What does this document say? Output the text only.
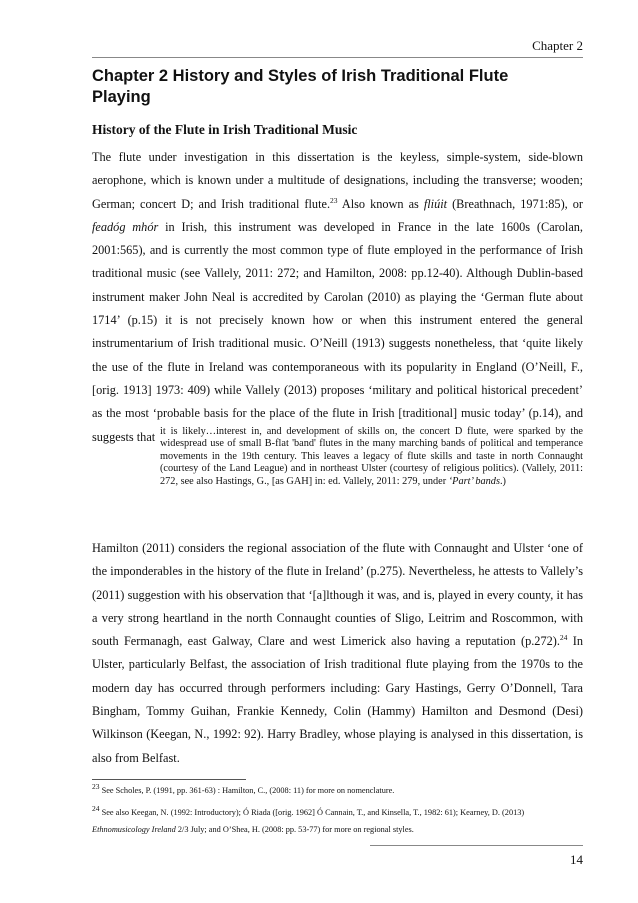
Chapter 2
Chapter 2 History and Styles of Irish Traditional Flute
Playing
History of the Flute in Irish Traditional Music

The flute under investigation in this dissertation is the keyless, simple-system, side-blown aerophone, which is known under a multitude of designations, including the transverse; wooden; German; concert D; and Irish traditional flute.$^{23}$ Also known as fliúit (Breathnach, 1971:85), or feadóg mhór in Irish, this instrument was developed in France in the late 1600s (Carolan, 2001:565), and is currently the most common type of flute employed in the performance of Irish traditional music (see Vallely, 2011: 272; and Hamilton, 2008: pp.12-40). Although Dublin-based instrument maker John Neal is accredited by Carolan (2010) as playing the ‘German flute about 1714’ (p.15) it is not precisely known how or when this instrument entered the general instrumentarium of Irish traditional music. O’Neill (1913) suggests nonetheless, that ‘quite likely the use of the flute in Ireland was contemporaneous with its popularity in England (O’Neill, F., [orig. 1913] 1973: 409) while Vallely (2013) proposes ‘military and political historical precedent’ as the most ‘probable basis for the place of the flute in Irish [traditional] music today’ (p.14), and suggests that it is likely…interest in, and development of skills on, the concert D flute, were sparked by the widespread use of small B-flat 'band' flutes in the many marching bands of political and temperance movements in the 19th century. This leaves a legacy of flute skills and taste in north Connaught (courtesy of the Land League) and in northeast Ulster (courtesy of religious politics). (Vallely, 2011: 272, see also Hastings, G., [as GAH] in: ed. Vallely, 2011: 279, under ‘Part’ bands.)

Hamilton (2011) considers the regional association of the flute with Connaught and Ulster ‘one of the imponderables in the history of the flute in Ireland’ (p.275). Nevertheless, he attests to Vallely’s (2011) suggestion with his observation that ‘[a]lthough it was, and is, played in every county, it has a very strong heartland in the north Connaught counties of Sligo, Leitrim and Roscommon, with south Fermanagh, east Galway, Clare and west Limerick also having a reputation (p.272).$^{24}$ In Ulster, particularly Belfast, the association of Irish traditional flute playing from the 1970s to the modern day has occurred through performers including: Gary Hastings, Gerry O’Donnell, Tara Bingham, Tommy Guihan, Frankie Kennedy, Colin (Hammy) Hamilton and Desmond (Desi) Wilkinson (Keegan, N., 1992: 92). Harry Bradley, whose playing is analysed in this dissertation, is also from Belfast.

$^{23}$ See Scholes, P. (1991, pp. 361-63) : Hamilton, C., (2008: 11) for more on nomenclature.

$^{24}$ See also Keegan, N. (1992: Introductory); Ó Riada ([orig. 1962] Ó Cannain, T., and Kinsella, T., 1982: 61); Kearney, D. (2013)
Ethnomusicology Ireland 2/3 July; and O’Shea, H. (2008: pp. 53-77) for more on regional styles.

14
